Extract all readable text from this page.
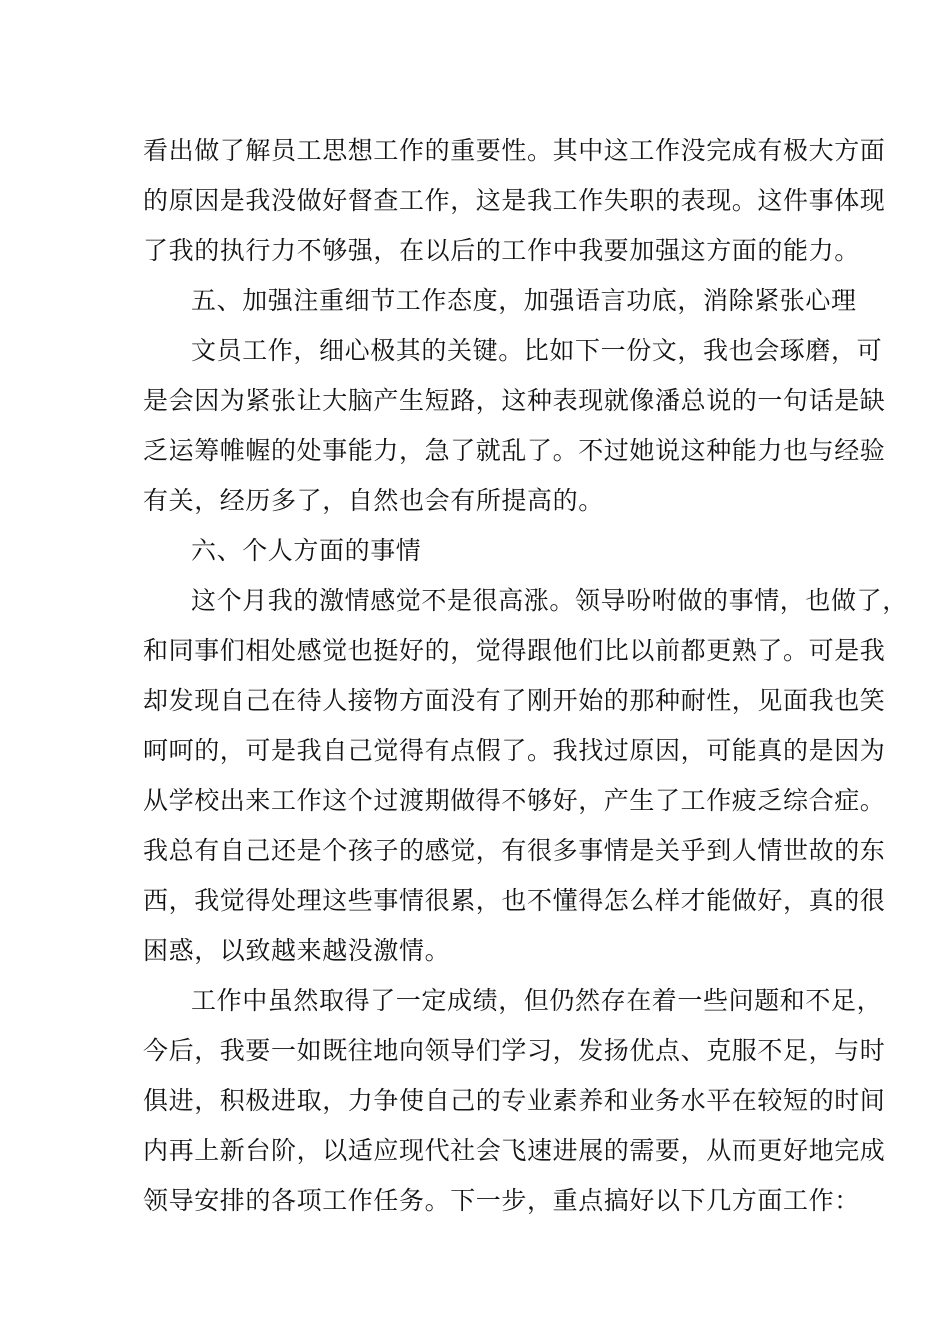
看出做了解员工思想工作的重要性。其中这工作没完成有极大方面
的原因是我没做好督查工作，这是我工作失职的表现。这件事体现
了我的执行力不够强，在以后的工作中我要加强这方面的能力。
五、加强注重细节工作态度，加强语言功底，消除紧张心理
文员工作，细心极其的关键。比如下一份文，我也会琢磨，可
是会因为紧张让大脑产生短路，这种表现就像潘总说的一句话是缺
乏运筹帷幄的处事能力，急了就乱了。不过她说这种能力也与经验
有关，经历多了，自然也会有所提高的。
六、个人方面的事情
这个月我的激情感觉不是很高涨。领导吩咐做的事情，也做了，
和同事们相处感觉也挺好的，觉得跟他们比以前都更熟了。可是我
却发现自己在待人接物方面没有了刚开始的那种耐性，见面我也笑
呵呵的，可是我自己觉得有点假了。我找过原因，可能真的是因为
从学校出来工作这个过渡期做得不够好，产生了工作疲乏综合症。
我总有自己还是个孩子的感觉，有很多事情是关乎到人情世故的东
西，我觉得处理这些事情很累，也不懂得怎么样才能做好，真的很
困惑，以致越来越没激情。
工作中虽然取得了一定成绩，但仍然存在着一些问题和不足，
今后，我要一如既往地向领导们学习，发扬优点、克服不足，与时
俱进，积极进取，力争使自己的专业素养和业务水平在较短的时间
内再上新台阶，以适应现代社会飞速进展的需要，从而更好地完成
领导安排的各项工作任务。下一步，重点搞好以下几方面工作：
